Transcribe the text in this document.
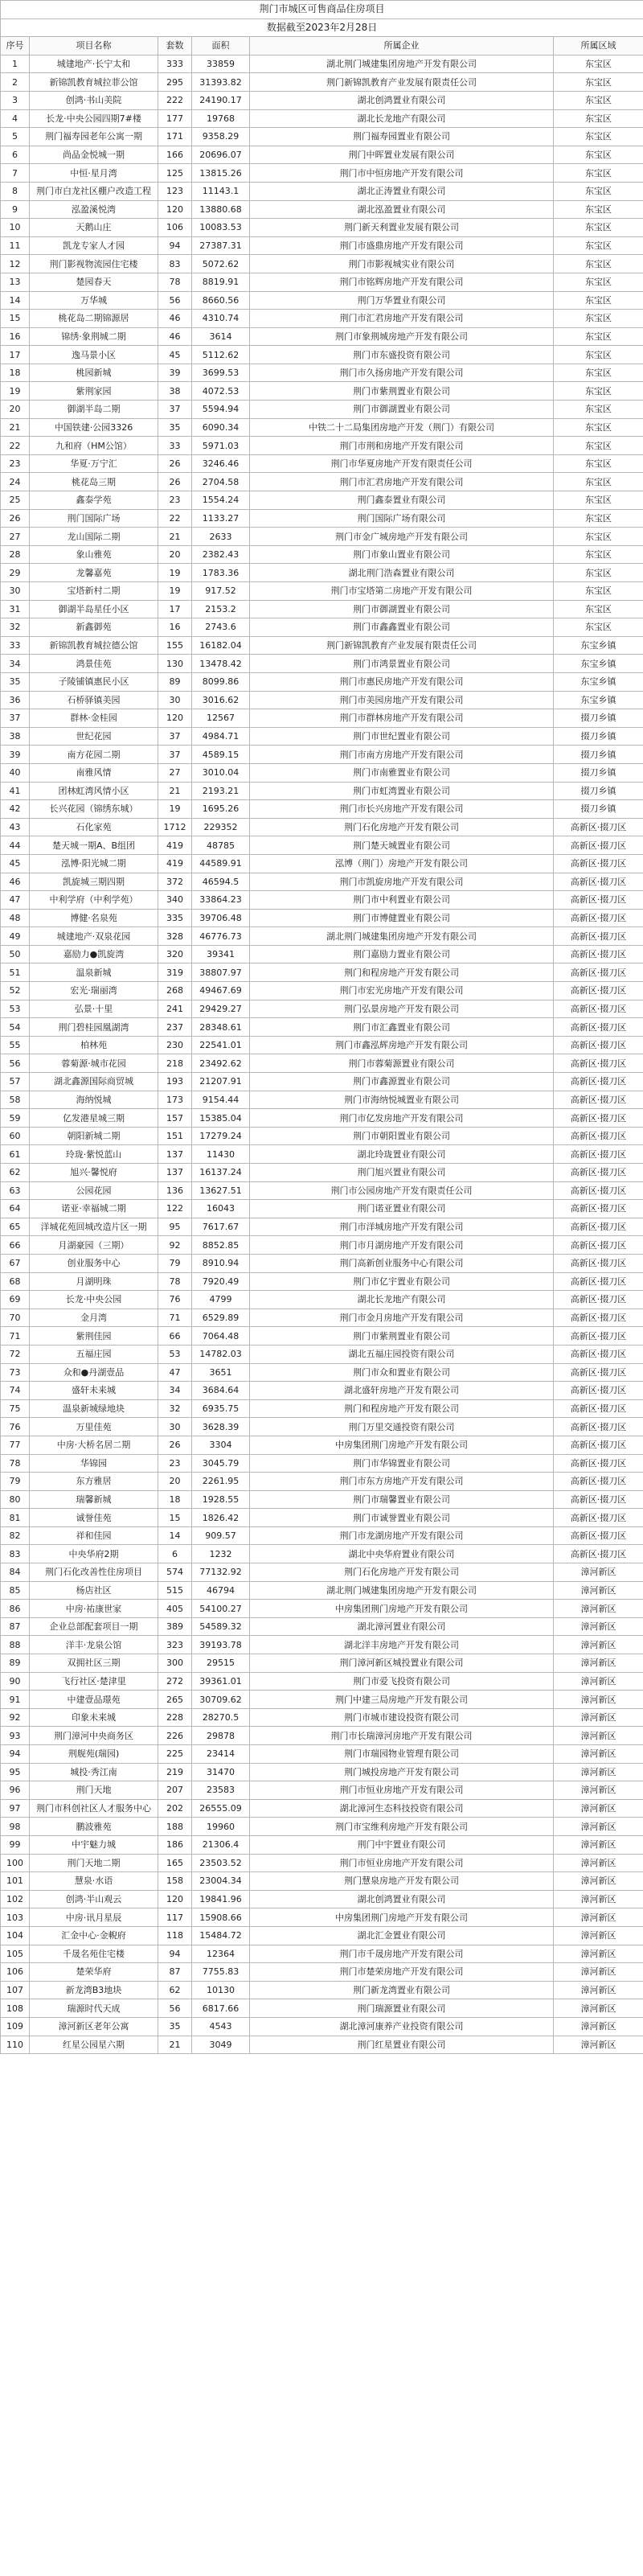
荆门市城区可售商品住房项目					
数据截至2023年2月28日					
序号	项目名称	套数	面积	所属企业	所属区域
1	城建地产·长宁太和	333	33859	湖北荆门城建集团房地产开发有限公司	东宝区
2	新锦凯教育城拉菲公馆	295	31393.82	荆门新锦凯教育产业发展有限责任公司	东宝区
3	创鸿·书山美院	222	24190.17	湖北创鸿置业有限公司	东宝区
4	长龙·中央公园四期7#楼	177	19768	湖北长龙地产有限公司	东宝区
5	荆门福寿园老年公寓一期	171	9358.29	荆门福寿园置业有限公司	东宝区
6	尚品金悦城一期	166	20696.07	荆门中晖置业发展有限公司	东宝区
7	中恒·星月湾	125	13815.26	荆门市中恒房地产开发有限公司	东宝区
8	荆门市白龙社区棚户改造工程	123	11143.1	湖北正涛置业有限公司	东宝区
9	泓盈溪悦湾	120	13880.68	湖北泓盈置业有限公司	东宝区
10	天鹅山庄	106	10083.53	荆门新天利置业发展有限公司	东宝区
11	凯龙专家人才园	94	27387.31	荆门市盛鼎房地产开发有限公司	东宝区
12	荆门影视物流园住宅楼	83	5072.62	荆门市影视城实业有限公司	东宝区
13	楚园春天	78	8819.91	荆门市铭辉房地产开发有限公司	东宝区
14	万华城	56	8660.56	荆门万华置业有限公司	东宝区
15	桃花岛二期锦源居	46	4310.74	荆门市汇君房地产开发有限公司	东宝区
16	锦绣·象荆城二期	46	3614	荆门市象荆城房地产开发有限公司	东宝区
17	逸马景小区	45	5112.62	荆门市东盛投资有限公司	东宝区
18	桃园新城	39	3699.53	荆门市久扬房地产开发有限公司	东宝区
19	紫荆家园	38	4072.53	荆门市紫荆置业有限公司	东宝区
20	御湖半岛二期	37	5594.94	荆门市御湖置业有限公司	东宝区
21	中国铁建·公园3326	35	6090.34	中铁二十二局集团房地产开发（荆门）有限公司	东宝区
22	九和府（HM公馆）	33	5971.03	荆门市荆和房地产开发有限公司	东宝区
23	华夏·万宁汇	26	3246.46	荆门市华夏房地产开发有限责任公司	东宝区
24	桃花岛三期	26	2704.58	荆门市汇君房地产开发有限公司	东宝区
25	鑫泰学苑	23	1554.24	荆门鑫泰置业有限公司	东宝区
26	荆门国际广场	22	1133.27	荆门国际广场有限公司	东宝区
27	龙山国际二期	21	2633	荆门市金广城房地产开发有限公司	东宝区
28	象山雅苑	20	2382.43	荆门市象山置业有限公司	东宝区
29	龙馨嘉苑	19	1783.36	湖北荆门浩森置业有限公司	东宝区
30	宝塔新村二期	19	917.52	荆门市宝塔第二房地产开发有限公司	东宝区
31	御湖半岛星任小区	17	2153.2	荆门市御湖置业有限公司	东宝区
32	新鑫御苑	16	2743.6	荆门市鑫鑫置业有限公司	东宝区
33	新锦凯教育城拉德公馆	155	16182.04	荆门新锦凯教育产业发展有限责任公司	东宝乡镇
34	鸿景佳苑	130	13478.42	荆门市鸿景置业有限公司	东宝乡镇
35	子陵铺镇惠民小区	89	8099.86	荆门市惠民房地产开发有限公司	东宝乡镇
36	石桥驿镇美园	30	3016.62	荆门市美园房地产开发有限公司	东宝乡镇
37	群林·金桂园	120	12567	荆门市群林房地产开发有限公司	掇刀乡镇
38	世纪花园	37	4984.71	荆门市世纪置业有限公司	掇刀乡镇
39	南方花园二期	37	4589.15	荆门市南方房地产开发有限公司	掇刀乡镇
40	南雅风情	27	3010.04	荆门市南雅置业有限公司	掇刀乡镇
41	团林虹湾风情小区	21	2193.21	荆门市虹湾置业有限公司	掇刀乡镇
42	长兴花园（锦绣东城）	19	1695.26	荆门市长兴房地产开发有限公司	掇刀乡镇
43	石化家苑	1712	229352	荆门石化房地产开发有限公司	高新区·掇刀区
44	楚天城一期A、B组团	419	48785	荆门楚天城置业有限公司	高新区·掇刀区
45	泓博·阳光城二期	419	44589.91	泓博（荆门）房地产开发有限公司	高新区·掇刀区
46	凯旋城三期四期	372	46594.5	荆门市凯旋房地产开发有限公司	高新区·掇刀区
47	中利学府（中利学苑）	340	33864.23	荆门市中利置业有限公司	高新区·掇刀区
48	博健·名泉苑	335	39706.48	荆门市博健置业有限公司	高新区·掇刀区
49	城建地产·双泉花园	328	46776.73	湖北荆门城建集团房地产开发有限公司	高新区·掇刀区
50	嘉励力●凯旋湾	320	39341	荆门嘉励力置业有限公司	高新区·掇刀区
51	温泉新城	319	38807.97	荆门和程房地产开发有限公司	高新区·掇刀区
52	宏光·瑞丽湾	268	49467.69	荆门市宏光房地产开发有限公司	高新区·掇刀区
53	弘景·十里	241	29429.27	荆门弘景房地产开发有限公司	高新区·掇刀区
54	荆门碧桂园凰湖湾	237	28348.61	荆门市汇鑫置业有限公司	高新区·掇刀区
55	柏林苑	230	22541.01	荆门市鑫泓辉房地产开发有限公司	高新区·掇刀区
56	蓉菊源·城市花园	218	23492.62	荆门市蓉菊源置业有限公司	高新区·掇刀区
57	湖北鑫源国际商贸城	193	21207.91	荆门市鑫源置业有限公司	高新区·掇刀区
58	海纳悦城	173	9154.44	荆门市海纳悦城置业有限公司	高新区·掇刀区
59	亿发港星城三期	157	15385.04	荆门市亿发房地产开发有限公司	高新区·掇刀区
60	朝阳新城二期	151	17279.24	荆门市朝阳置业有限公司	高新区·掇刀区
61	玲珑·紫悦蓝山	137	11430	湖北玲珑置业有限公司	高新区·掇刀区
62	旭兴·馨悦府	137	16137.24	荆门旭兴置业有限公司	高新区·掇刀区
63	公园花园	136	13627.51	荆门市公园房地产开发有限责任公司	高新区·掇刀区
64	诺亚·幸福城二期	122	16043	荆门诺亚置业有限公司	高新区·掇刀区
65	洋城花苑回城改造片区一期	95	7617.67	荆门市洋城房地产开发有限公司	高新区·掇刀区
66	月湖豪园（三期）	92	8852.85	荆门市月湖房地产开发有限公司	高新区·掇刀区
67	创业服务中心	79	8910.94	荆门高新创业服务中心有限公司	高新区·掇刀区
68	月湖明珠	78	7920.49	荆门市亿宇置业有限公司	高新区·掇刀区
69	长龙·中央公园	76	4799	湖北长龙地产有限公司	高新区·掇刀区
70	金月湾	71	6529.89	荆门市金月房地产开发有限公司	高新区·掇刀区
71	紫荆佳园	66	7064.48	荆门市紫荆置业有限公司	高新区·掇刀区
72	五福庄园	53	14782.03	湖北五福庄园投资有限公司	高新区·掇刀区
73	众和●丹湖壹品	47	3651	荆门市众和置业有限公司	高新区·掇刀区
74	盛轩未来城	34	3684.64	湖北盛轩房地产开发有限公司	高新区·掇刀区
75	温泉新城绿地块	32	6935.75	荆门和程房地产开发有限公司	高新区·掇刀区
76	万里佳苑	30	3628.39	荆门万里交通投资有限公司	高新区·掇刀区
77	中房·大桥名居二期	26	3304	中房集团荆门房地产开发有限公司	高新区·掇刀区
78	华锦园	23	3045.79	荆门市华锦置业有限公司	高新区·掇刀区
79	东方雅居	20	2261.95	荆门市东方房地产开发有限公司	高新区·掇刀区
80	瑞馨新城	18	1928.55	荆门市瑞馨置业有限公司	高新区·掇刀区
81	诚誉佳苑	15	1826.42	荆门市诚誉置业有限公司	高新区·掇刀区
82	祥和佳园	14	909.57	荆门市龙湖房地产开发有限公司	高新区·掇刀区
83	中央华府2期	6	1232	湖北中央华府置业有限公司	高新区·掇刀区
84	荆门石化改善性住房项目	574	77132.92	荆门石化房地产开发有限公司	漳河新区
85	杨店社区	515	46794	湖北荆门城建集团房地产开发有限公司	漳河新区
86	中房·祐康世家	405	54100.27	中房集团荆门房地产开发有限公司	漳河新区
87	企业总部配套项目一期	389	54589.32	湖北漳河置业有限公司	漳河新区
88	洋丰·龙泉公馆	323	39193.78	湖北洋丰房地产开发有限公司	漳河新区
89	双拥社区三期	300	29515	荆门漳河新区城投置业有限公司	漳河新区
90	飞行社区·楚津里	272	39361.01	荆门市爱飞投资有限公司	漳河新区
91	中建壹品璟苑	265	30709.62	荆门中建三局房地产开发有限公司	漳河新区
92	印象未来城	228	28270.5	荆门市城市建设投资有限公司	漳河新区
93	荆门漳河中央商务区	226	29878	荆门市长瑞漳河房地产开发有限公司	漳河新区
94	荆舰苑(瑞园)	225	23414	荆门市瑞园物业管理有限公司	漳河新区
95	城投·秀江南	219	31470	荆门城投房地产开发有限公司	漳河新区
96	荆门天地	207	23583	荆门市恒业房地产开发有限公司	漳河新区
97	荆门市科创社区人才服务中心	202	26555.09	湖北漳河生态科技投资有限公司	漳河新区
98	鹏波雅苑	188	19960	荆门市宝维利房地产开发有限公司	漳河新区
99	中宇魅力城	186	21306.4	荆门中宇置业有限公司	漳河新区
100	荆门天地二期	165	23503.52	荆门市恒业房地产开发有限公司	漳河新区
101	慧泉·水语	158	23004.34	荆门慧泉房地产开发有限公司	漳河新区
102	创鸿·半山观云	120	19841.96	湖北创鸿置业有限公司	漳河新区
103	中房·讯月星辰	117	15908.66	中房集团荆门房地产开发有限公司	漳河新区
104	汇金中心·金輗府	118	15484.72	湖北汇金置业有限公司	漳河新区
105	千晟名苑住宅楼	94	12364	荆门市千晟房地产开发有限公司	漳河新区
106	楚荣华府	87	7755.83	荆门市楚荣房地产开发有限公司	漳河新区
107	新龙湾B3地块	62	10130	荆门新龙湾置业有限公司	漳河新区
108	瑞源时代天成	56	6817.66	荆门瑞源置业有限公司	漳河新区
109	漳河新区老年公寓	35	4543	湖北漳河康养产业投资有限公司	漳河新区
110	红星公园星六期	21	3049	荆门红星置业有限公司	漳河新区
